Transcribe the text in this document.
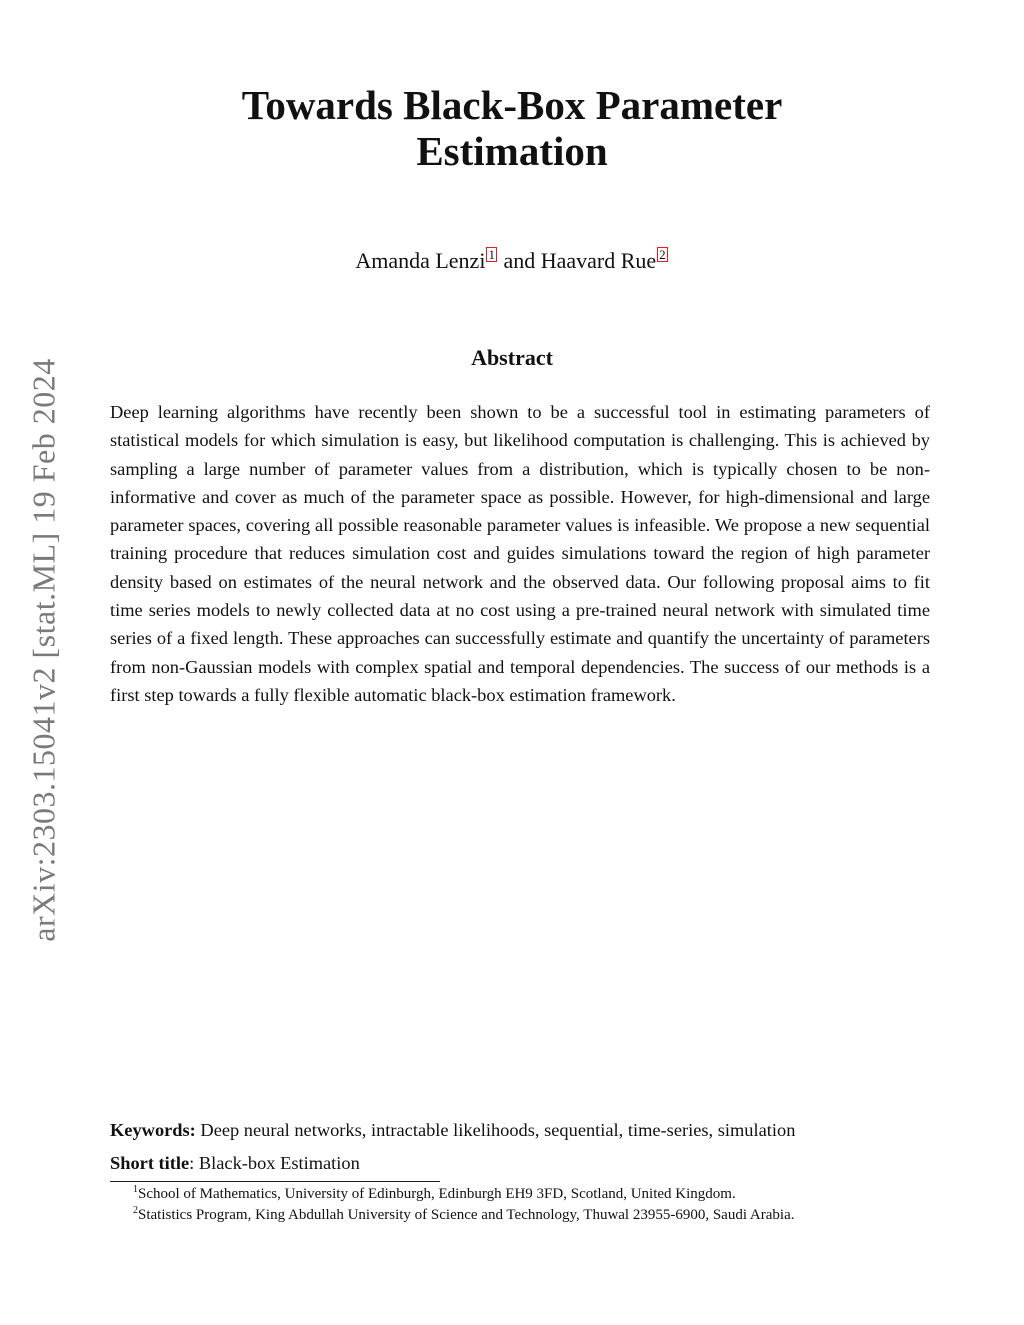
arXiv:2303.15041v2 [stat.ML] 19 Feb 2024
Towards Black-Box Parameter
Estimation
Amanda Lenzi 1 and Haavard Rue 2
Abstract

Deep learning algorithms have recently been shown to be a successful tool in estimating parameters of statistical models for which simulation is easy, but likelihood computation is challenging. This is achieved by sampling a large number of parameter values from a distribution, which is typically chosen to be non-informative and cover as much of the parameter space as possible. However, for high-dimensional and large parameter spaces, covering all possible reasonable parameter values is infeasible. We propose a new sequential training procedure that reduces simulation cost and guides simulations toward the region of high parameter density based on estimates of the neural network and the observed data. Our following proposal aims to fit time series models to newly collected data at no cost using a pre-trained neural network with simulated time series of a fixed length. These approaches can successfully estimate and quantify the uncertainty of parameters from non-Gaussian models with complex spatial and temporal dependencies. The success of our methods is a first step towards a fully flexible automatic black-box estimation framework.

Keywords: Deep neural networks, intractable likelihoods, sequential, time-series, simulation

Short title: Black-box Estimation

$^1$School of Mathematics, University of Edinburgh, Edinburgh EH9 3FD, Scotland, United Kingdom.
$^2$Statistics Program, King Abdullah University of Science and Technology, Thuwal 23955-6900, Saudi Arabia.
